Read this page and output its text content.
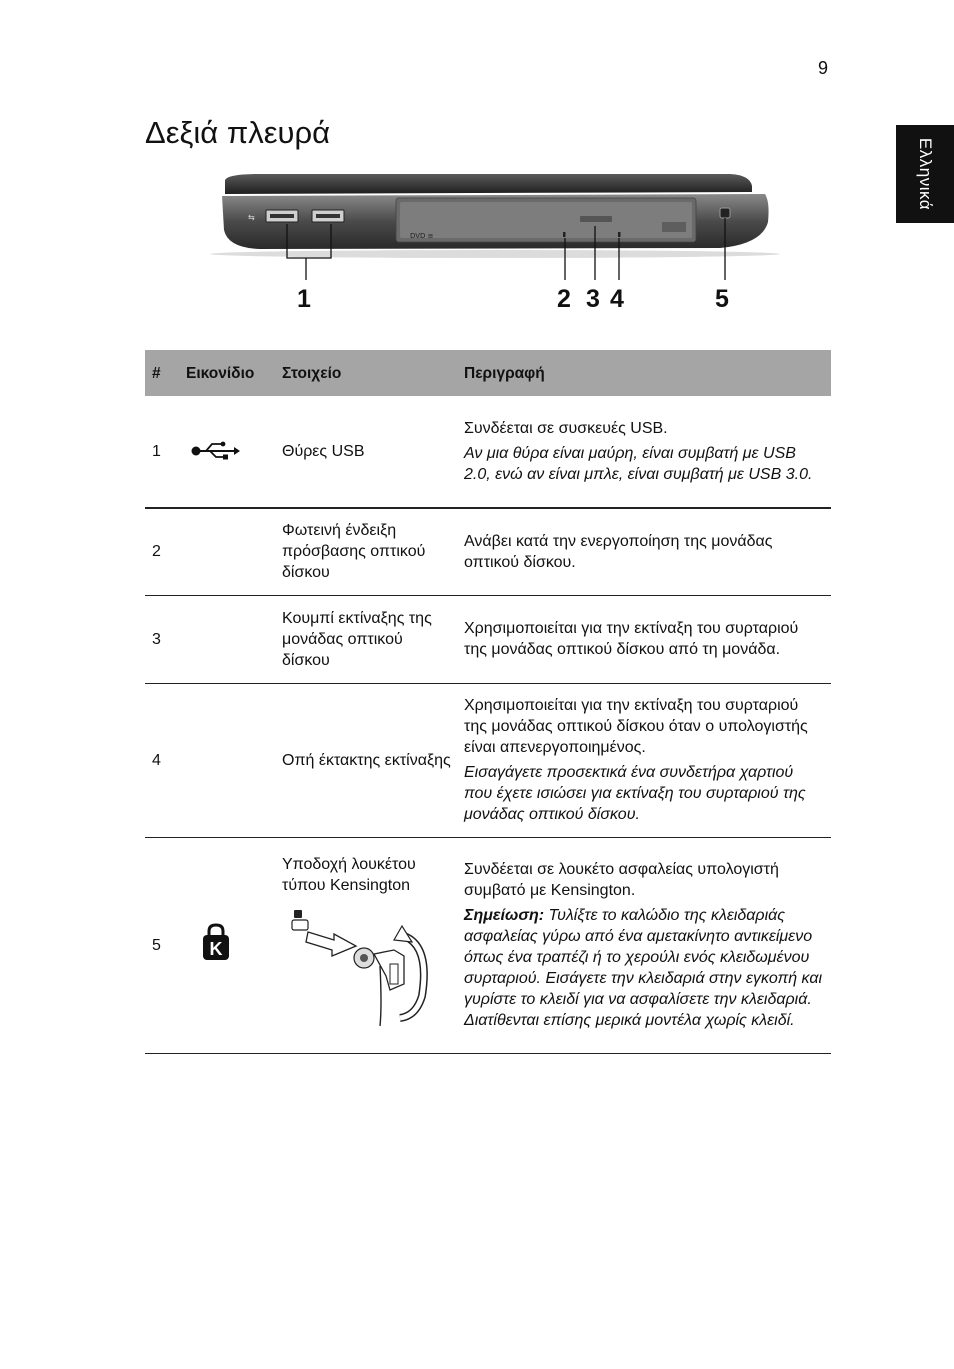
9
Ελληνικά
Δεξιά πλευρά
DVD ≡
⇆
1	2 3 4	5
#	Εικονίδιο	Στοιχείο	Περιγραφή
1		Θύρες USB	Συνδέεται σε συσκευές USB.

Αν μια θύρα είναι μαύρη, είναι συμβατή με USB 2.0, ενώ αν είναι μπλε, είναι συμβατή με USB 3.0.

2		Φωτεινή ένδειξη πρόσβασης οπτικού δίσκου	Ανάβει κατά την ενεργοποίηση της μονάδας οπτικού δίσκου.

3		Κουμπί εκτίναξης της μονάδας οπτικού δίσκου	Χρησιμοποιείται για την εκτίναξη του συρταριού της μονάδας οπτικού δίσκου από τη μονάδα.

4		Οπή έκτακτης εκτίναξης	Χρησιμοποιείται για την εκτίναξη του συρταριού της μονάδας οπτικού δίσκου όταν ο υπολογιστής είναι απενεργοποιημένος.

Εισαγάγετε προσεκτικά ένα συνδετήρα χαρτιού που έχετε ισιώσει για εκτίναξη του συρταριού της μονάδας οπτικού δίσκου.

5	K	Υποδοχή λουκέτου τύπου Kensington	Συνδέεται σε λουκέτο ασφαλείας υπολογιστή συμβατό με Kensington.

Σημείωση: Τυλίξτε το καλώδιο της κλειδαριάς ασφαλείας γύρω από ένα αμετακίνητο αντικείμενο όπως ένα τραπέζι ή το χερούλι ενός κλειδωμένου συρταριού. Εισάγετε την κλειδαριά στην εγκοπή και γυρίστε το κλειδί για να ασφαλίσετε την κλειδαριά. Διατίθενται επίσης μερικά μοντέλα χωρίς κλειδί.
